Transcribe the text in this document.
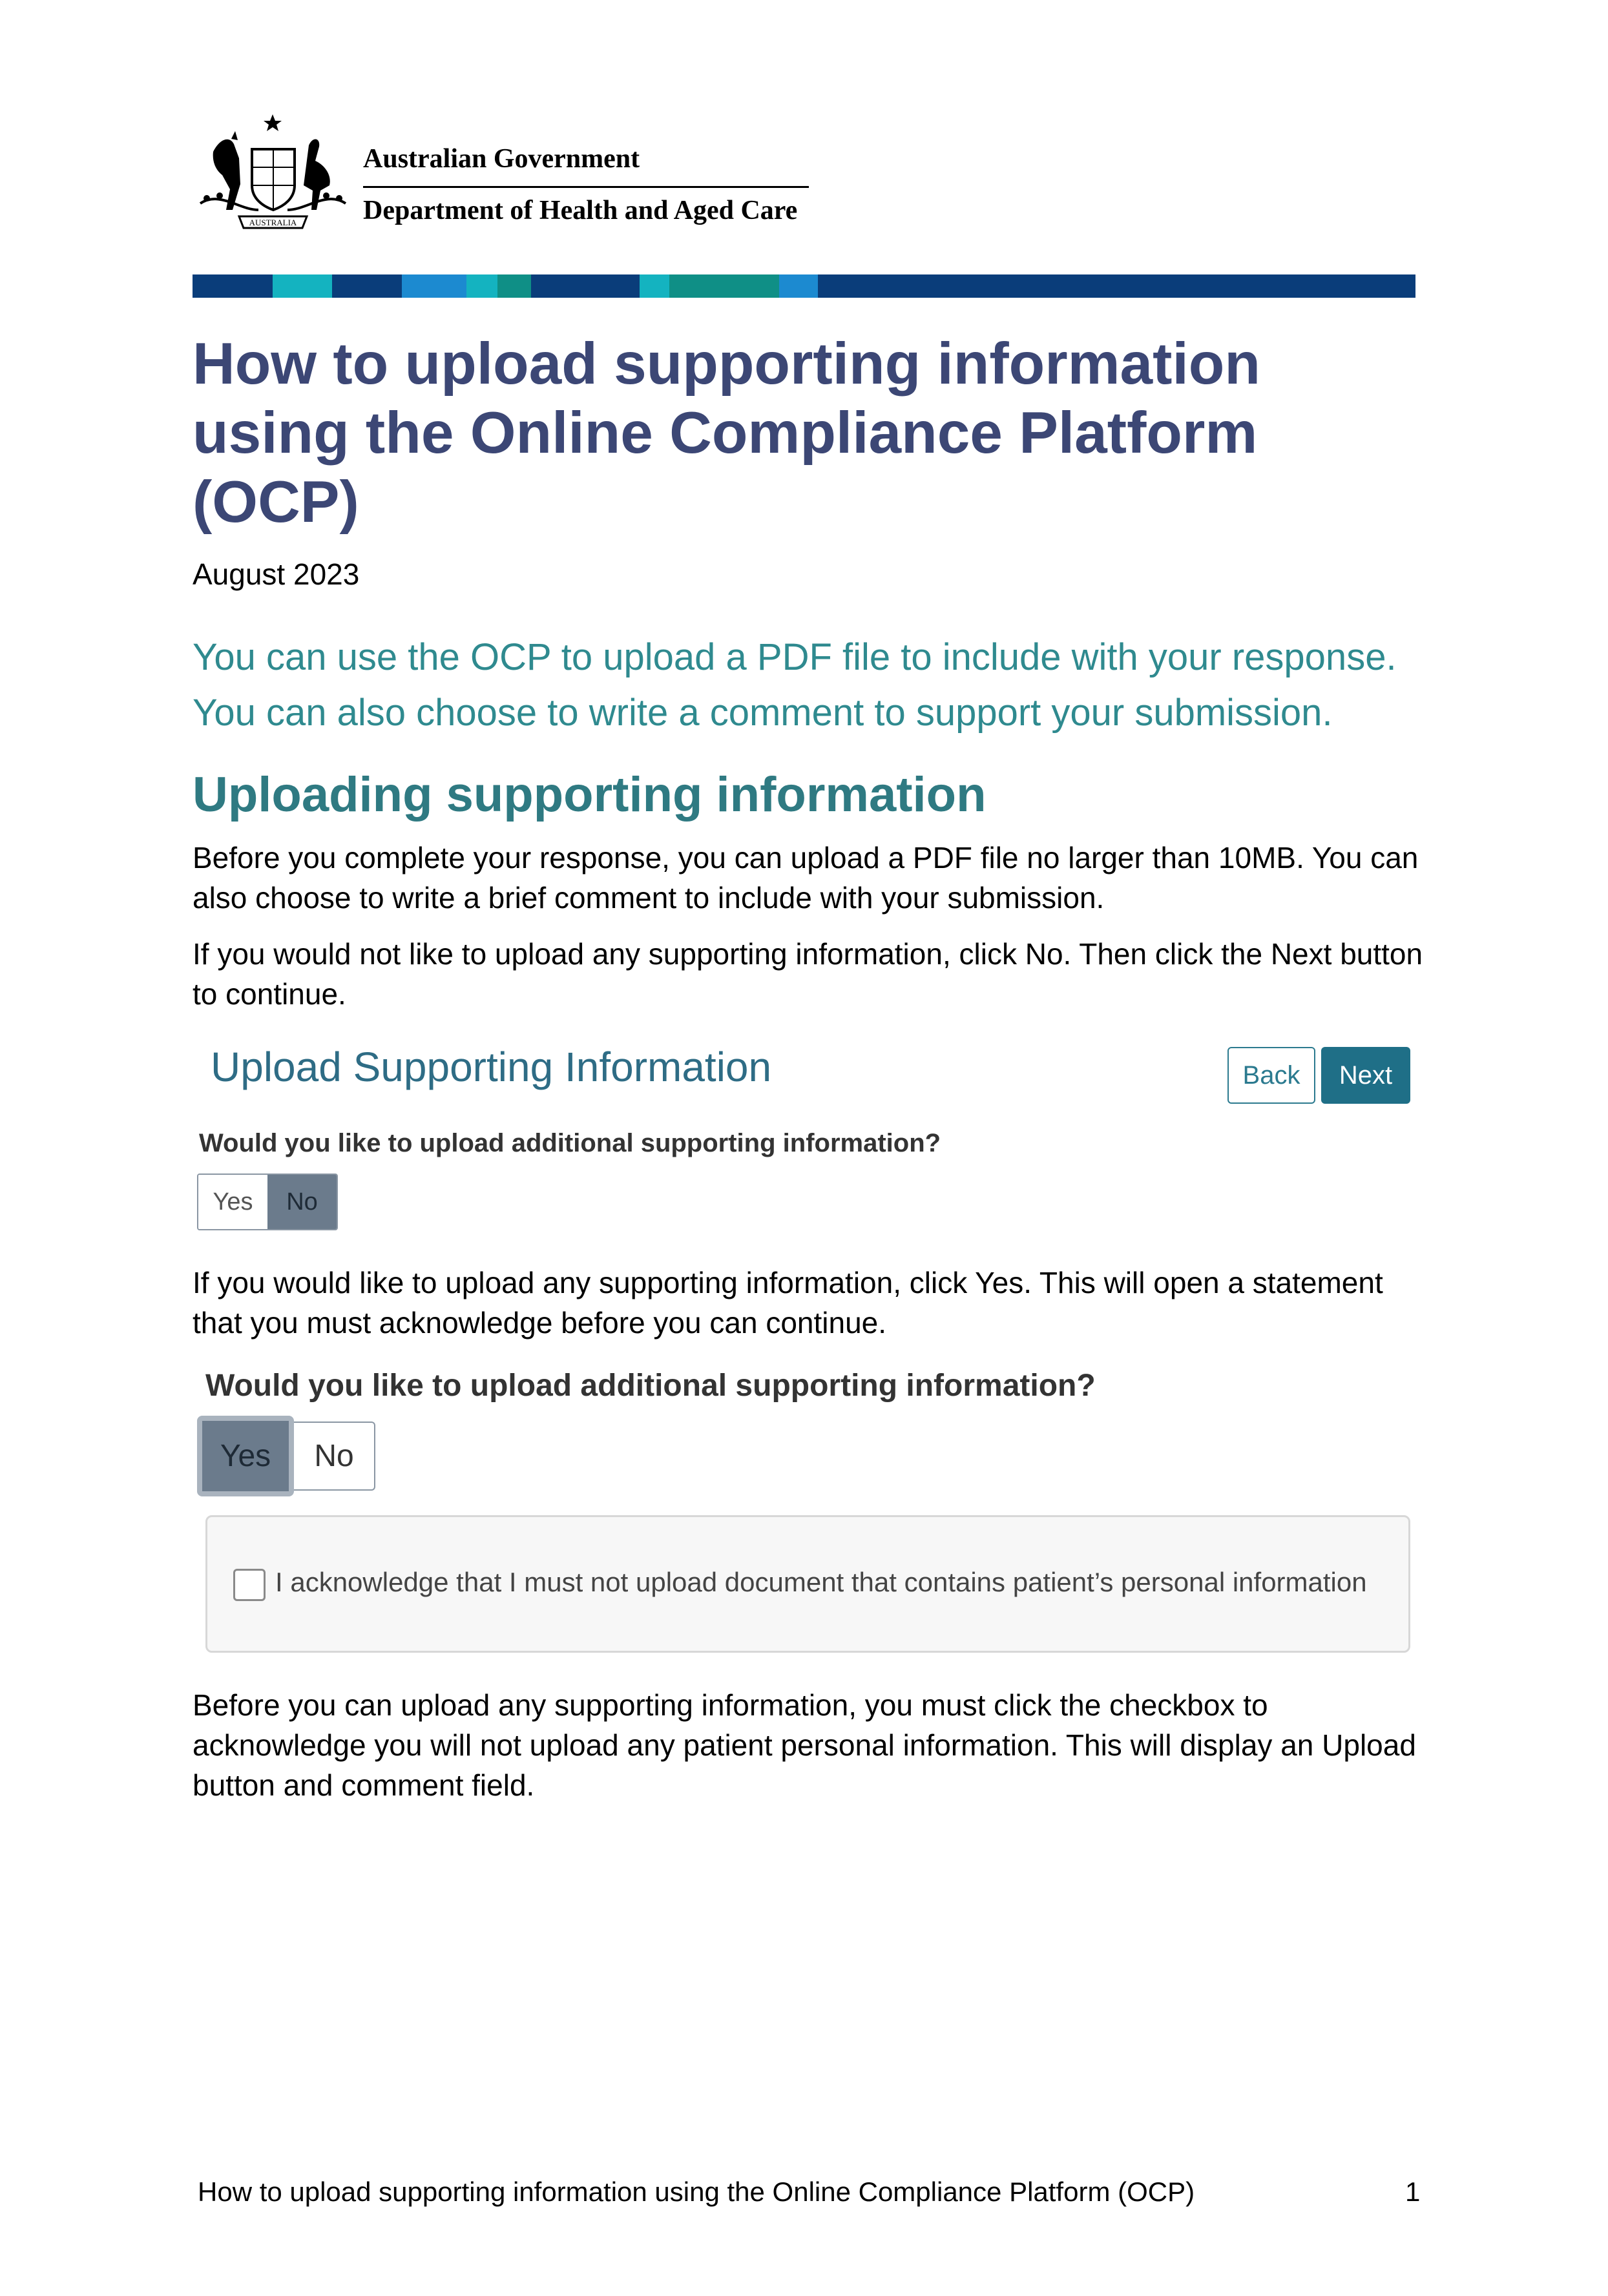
AUSTRALIA
Australian Government
Department of Health and Aged Care
How to upload supporting information
using the Online Compliance Platform
(OCP)
August 2023

You can use the OCP to upload a PDF file to include with your response.
You can also choose to write a comment to support your submission.

Uploading supporting information

Before you complete your response, you can upload a PDF file no larger than 10MB. You can also choose to write a brief comment to include with your submission.

If you would not like to upload any supporting information, click No. Then click the Next button to continue.

Upload Supporting Information	Back	Next
Would you like to upload additional supporting information?
Yes	No

If you would like to upload any supporting information, click Yes. This will open a statement that you must acknowledge before you can continue.

Would you like to upload additional supporting information?
Yes	No
I acknowledge that I must not upload document that contains patient’s personal information

Before you can upload any supporting information, you must click the checkbox to acknowledge you will not upload any patient personal information. This will display an Upload button and comment field.

How to upload supporting information using the Online Compliance Platform (OCP)	1
